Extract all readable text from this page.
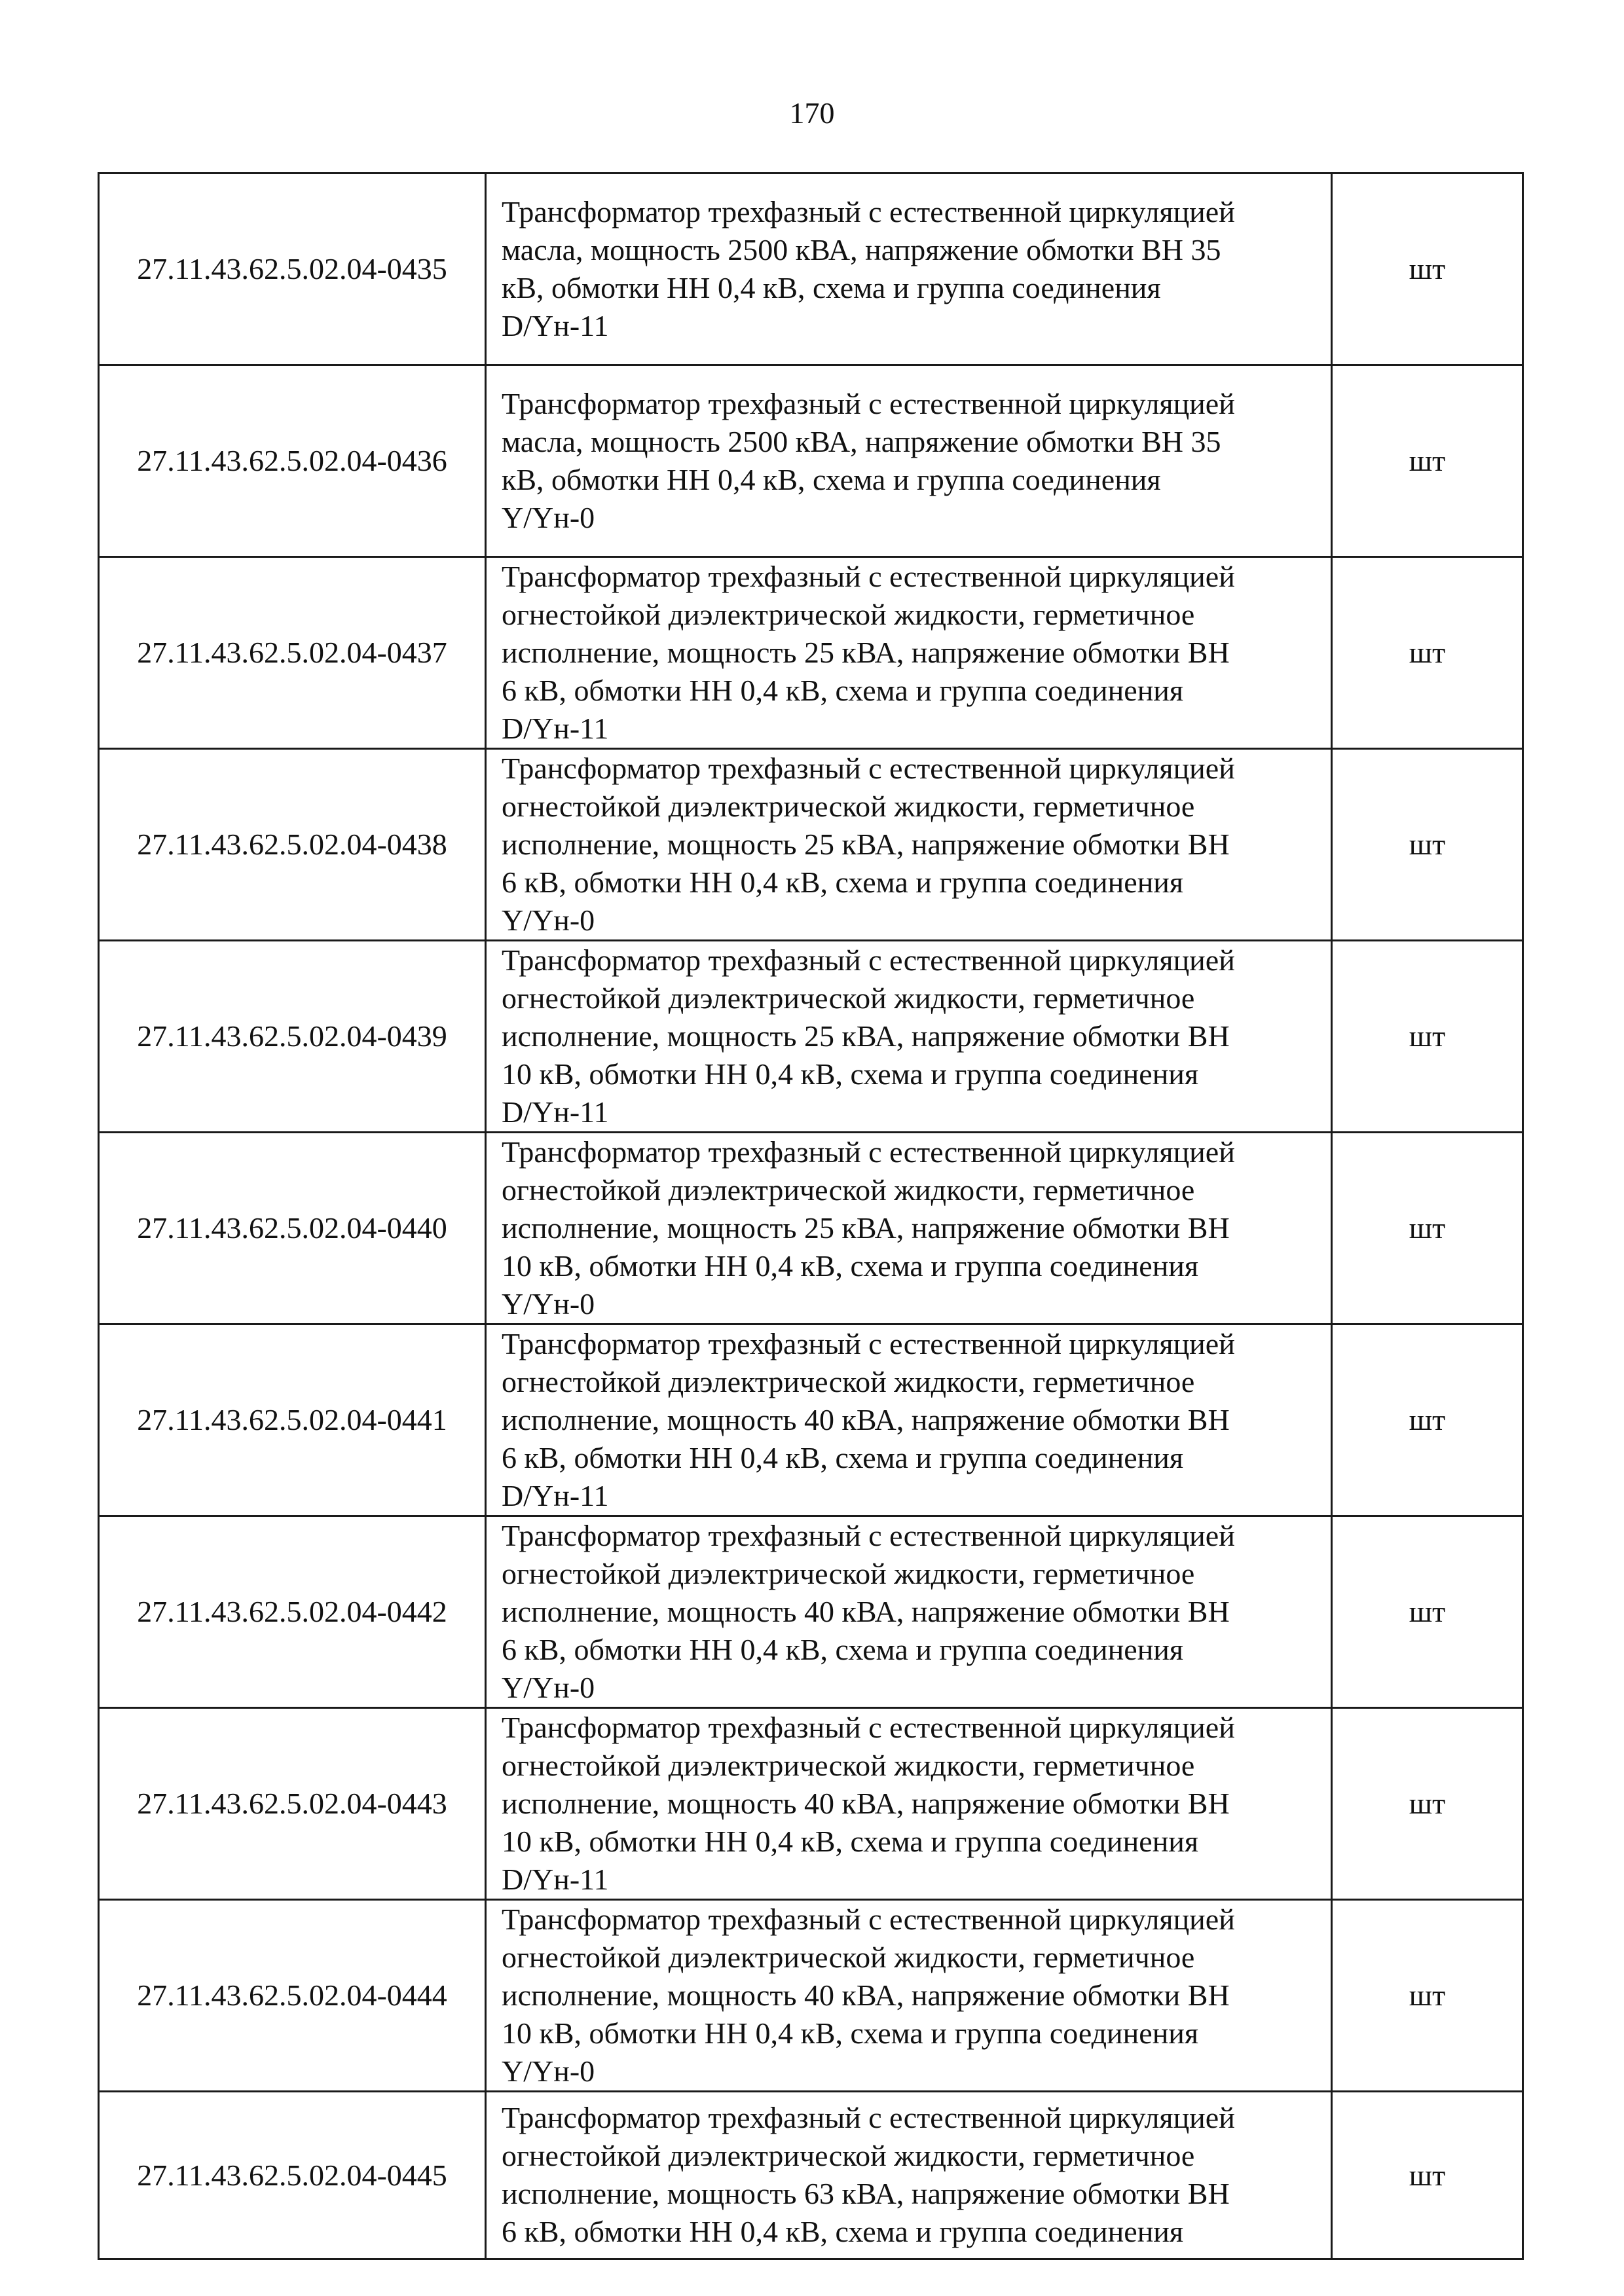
170
27.11.43.62.5.02.04-0435	Трансформатор трехфазный с естественной циркуляцией
масла, мощность 2500 кВА, напряжение обмотки ВН 35
кВ, обмотки НН 0,4 кВ, схема и группа соединения
D/Yн-11	шт
27.11.43.62.5.02.04-0436	Трансформатор трехфазный с естественной циркуляцией
масла, мощность 2500 кВА, напряжение обмотки ВН 35
кВ, обмотки НН 0,4 кВ, схема и группа соединения
Y/Yн-0	шт
27.11.43.62.5.02.04-0437	Трансформатор трехфазный с естественной циркуляцией
огнестойкой диэлектрической жидкости, герметичное
исполнение, мощность 25 кВА, напряжение обмотки ВН
6 кВ, обмотки НН 0,4 кВ, схема и группа соединения
D/Yн-11	шт
27.11.43.62.5.02.04-0438	Трансформатор трехфазный с естественной циркуляцией
огнестойкой диэлектрической жидкости, герметичное
исполнение, мощность 25 кВА, напряжение обмотки ВН
6 кВ, обмотки НН 0,4 кВ, схема и группа соединения
Y/Yн-0	шт
27.11.43.62.5.02.04-0439	Трансформатор трехфазный с естественной циркуляцией
огнестойкой диэлектрической жидкости, герметичное
исполнение, мощность 25 кВА, напряжение обмотки ВН
10 кВ, обмотки НН 0,4 кВ, схема и группа соединения
D/Yн-11	шт
27.11.43.62.5.02.04-0440	Трансформатор трехфазный с естественной циркуляцией
огнестойкой диэлектрической жидкости, герметичное
исполнение, мощность 25 кВА, напряжение обмотки ВН
10 кВ, обмотки НН 0,4 кВ, схема и группа соединения
Y/Yн-0	шт
27.11.43.62.5.02.04-0441	Трансформатор трехфазный с естественной циркуляцией
огнестойкой диэлектрической жидкости, герметичное
исполнение, мощность 40 кВА, напряжение обмотки ВН
6 кВ, обмотки НН 0,4 кВ, схема и группа соединения
D/Yн-11	шт
27.11.43.62.5.02.04-0442	Трансформатор трехфазный с естественной циркуляцией
огнестойкой диэлектрической жидкости, герметичное
исполнение, мощность 40 кВА, напряжение обмотки ВН
6 кВ, обмотки НН 0,4 кВ, схема и группа соединения
Y/Yн-0	шт
27.11.43.62.5.02.04-0443	Трансформатор трехфазный с естественной циркуляцией
огнестойкой диэлектрической жидкости, герметичное
исполнение, мощность 40 кВА, напряжение обмотки ВН
10 кВ, обмотки НН 0,4 кВ, схема и группа соединения
D/Yн-11	шт
27.11.43.62.5.02.04-0444	Трансформатор трехфазный с естественной циркуляцией
огнестойкой диэлектрической жидкости, герметичное
исполнение, мощность 40 кВА, напряжение обмотки ВН
10 кВ, обмотки НН 0,4 кВ, схема и группа соединения
Y/Yн-0	шт
27.11.43.62.5.02.04-0445	Трансформатор трехфазный с естественной циркуляцией
огнестойкой диэлектрической жидкости, герметичное
исполнение, мощность 63 кВА, напряжение обмотки ВН
6 кВ, обмотки НН 0,4 кВ, схема и группа соединения	шт
